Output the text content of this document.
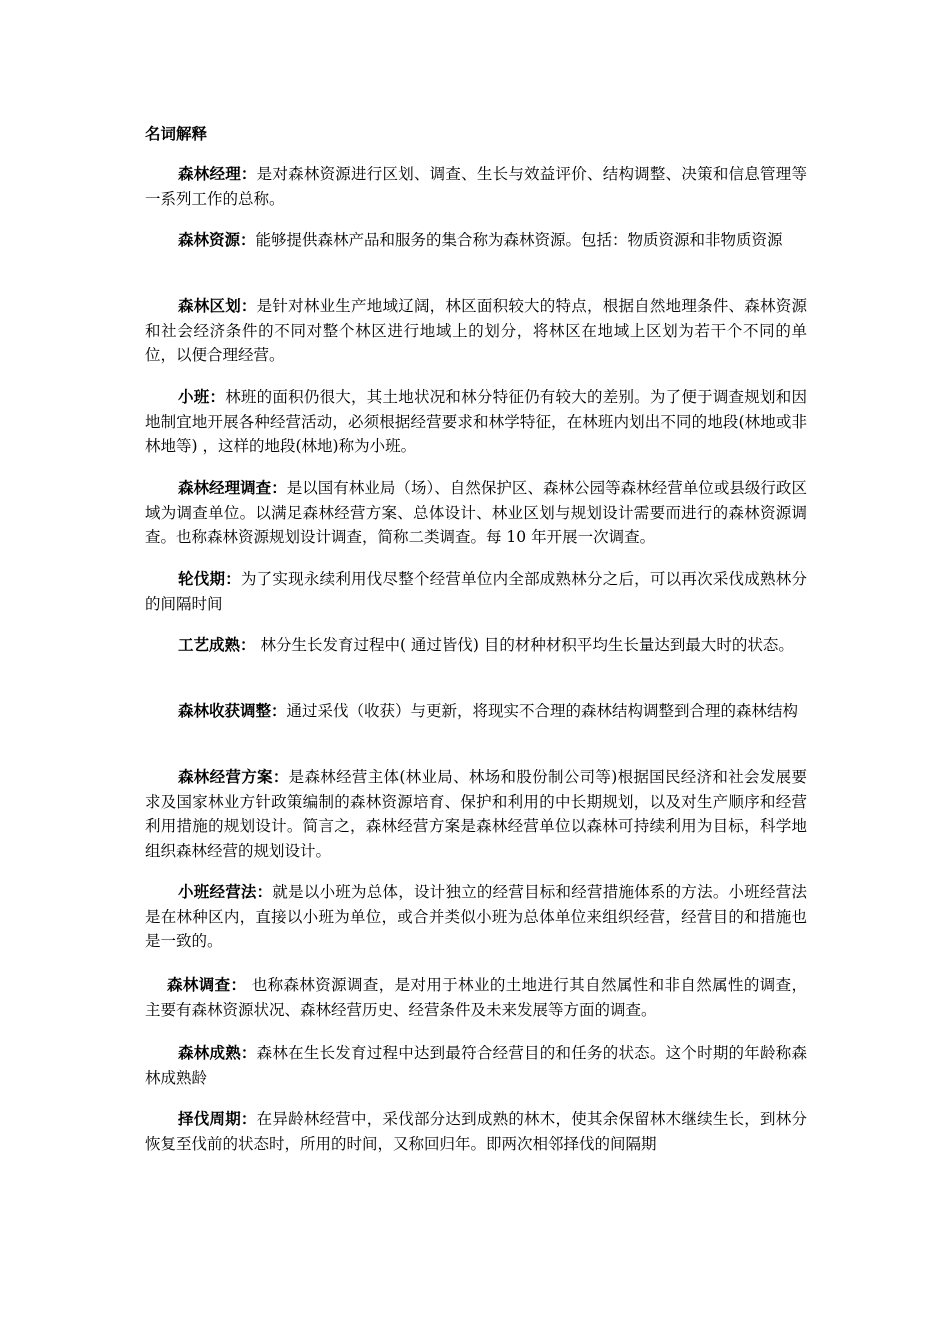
名词解释

森林经理：是对森林资源进行区划、调查、生长与效益评价、结构调整、决策和信息管理等一系列工作的总称。

森林资源：能够提供森林产品和服务的集合称为森林资源。包括：物质资源和非物质资源

森林区划：是针对林业生产地域辽阔，林区面积较大的特点，根据自然地理条件、森林资源和社会经济条件的不同对整个林区进行地域上的划分，将林区在地域上区划为若干个不同的单位，以便合理经营。

小班：林班的面积仍很大，其土地状况和林分特征仍有较大的差别。为了便于调查规划和因地制宜地开展各种经营活动，必须根据经营要求和林学特征，在林班内划出不同的地段(林地或非林地等) ，这样的地段(林地)称为小班。

森林经理调查：是以国有林业局（场）、自然保护区、森林公园等森林经营单位或县级行政区域为调查单位。以满足森林经营方案、总体设计、林业区划与规划设计需要而进行的森林资源调查。也称森林资源规划设计调查，简称二类调查。每 10 年开展一次调查。

轮伐期：为了实现永续利用伐尽整个经营单位内全部成熟林分之后，可以再次采伐成熟林分的间隔时间

工艺成熟： 林分生长发育过程中( 通过皆伐) 目的材种材积平均生长量达到最大时的状态。

森林收获调整：通过采伐（收获）与更新，将现实不合理的森林结构调整到合理的森林结构

森林经营方案：是森林经营主体(林业局、林场和股份制公司等)根据国民经济和社会发展要求及国家林业方针政策编制的森林资源培育、保护和利用的中长期规划，以及对生产顺序和经营利用措施的规划设计。简言之，森林经营方案是森林经营单位以森林可持续利用为目标，科学地组织森林经营的规划设计。

小班经营法：就是以小班为总体，设计独立的经营目标和经营措施体系的方法。小班经营法是在林种区内，直接以小班为单位，或合并类似小班为总体单位来组织经营，经营目的和措施也是一致的。

森林调查： 也称森林资源调查，是对用于林业的土地进行其自然属性和非自然属性的调查，主要有森林资源状况、森林经营历史、经营条件及未来发展等方面的调查。

森林成熟：森林在生长发育过程中达到最符合经营目的和任务的状态。这个时期的年龄称森林成熟龄

择伐周期：在异龄林经营中，采伐部分达到成熟的林木，使其余保留林木继续生长，到林分恢复至伐前的状态时，所用的时间，又称回归年。即两次相邻择伐的间隔期
